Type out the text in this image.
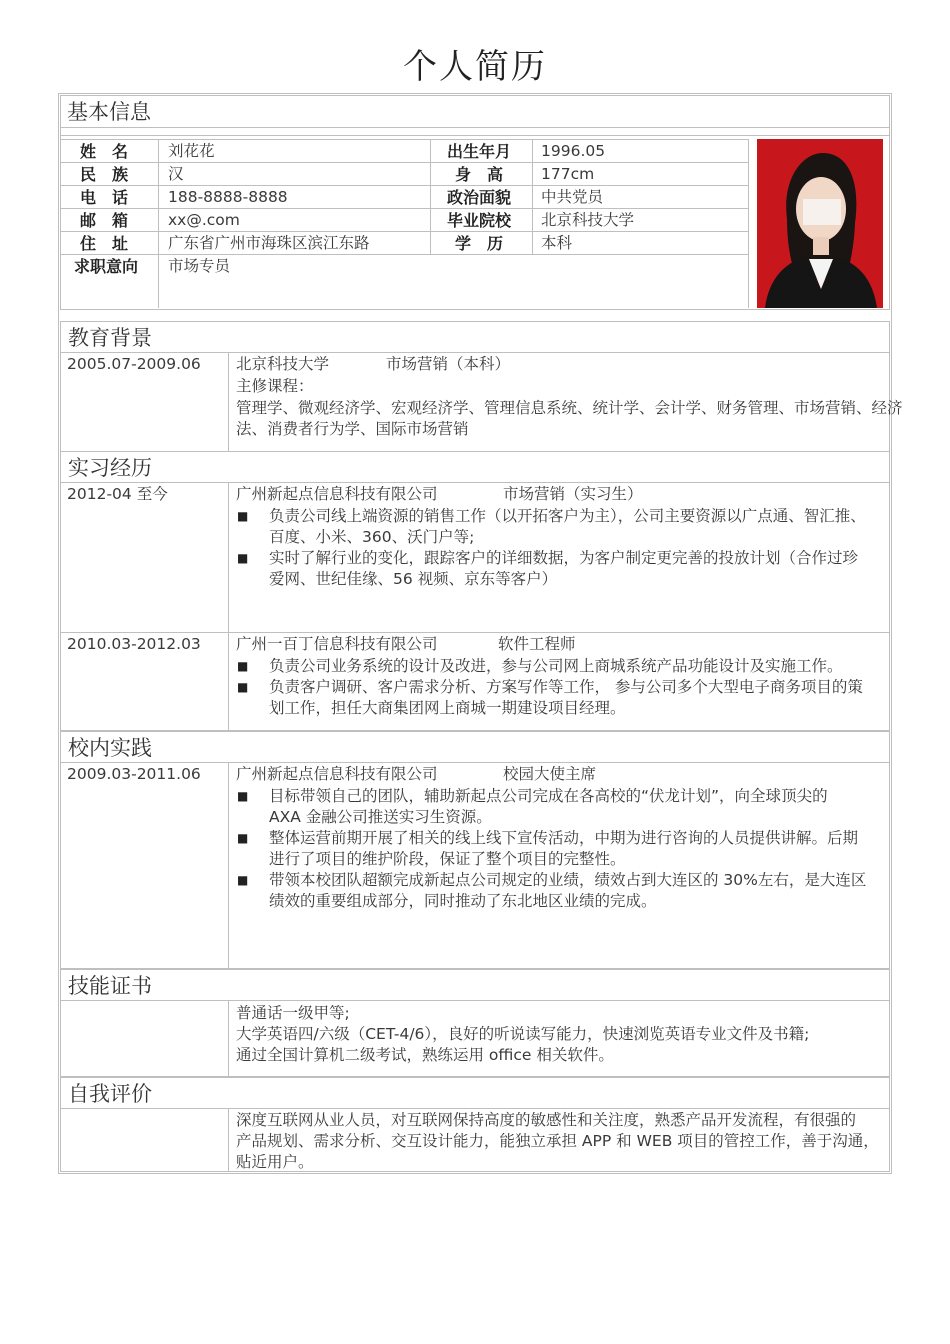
个人简历
基本信息
姓　名	刘花花	出生年月 1996.05
民　族	汉	身　高 177cm
电　话	188-8888-8888	政治面貌 中共党员
邮　箱	xx@.com	毕业院校 北京科技大学
住　址	广东省广州市海珠区滨江东路	学　历 本科
求职意向 市场专员
教育背景
2005.07-2009.06 北京科技大学	市场营销（本科）
主修课程：
管理学、微观经济学、宏观经济学、管理信息系统、统计学、会计学、财务管理、市场营销、经济
法、消费者行为学、国际市场营销
实习经历
2012-04 至今	广州新起点信息科技有限公司	市场营销（实习生）
■ 负责公司线上端资源的销售工作（以开拓客户为主），公司主要资源以广点通、智汇推、
百度、小米、360、沃门户等;
■ 实时了解行业的变化，跟踪客户的详细数据，为客户制定更完善的投放计划（合作过珍
爱网、世纪佳缘、56 视频、京东等客户）
2010.03-2012.03 广州一百丁信息科技有限公司	软件工程师
■ 负责公司业务系统的设计及改进，参与公司网上商城系统产品功能设计及实施工作。
■ 负责客户调研、客户需求分析、方案写作等工作， 参与公司多个大型电子商务项目的策
划工作，担任大商集团网上商城一期建设项目经理。
校内实践
2009.03-2011.06 广州新起点信息科技有限公司	校园大使主席
■ 目标带领自己的团队，辅助新起点公司完成在各高校的“伏龙计划”，向全球顶尖的
AXA 金融公司推送实习生资源。
■ 整体运营前期开展了相关的线上线下宣传活动，中期为进行咨询的人员提供讲解。后期
进行了项目的维护阶段，保证了整个项目的完整性。
■ 带领本校团队超额完成新起点公司规定的业绩，绩效占到大连区的 30%左右，是大连区
绩效的重要组成部分，同时推动了东北地区业绩的完成。
技能证书
普通话一级甲等;
大学英语四/六级（CET-4/6），良好的听说读写能力，快速浏览英语专业文件及书籍;
通过全国计算机二级考试，熟练运用 office 相关软件。
自我评价
深度互联网从业人员，对互联网保持高度的敏感性和关注度，熟悉产品开发流程，有很强的
产品规划、需求分析、交互设计能力，能独立承担 APP 和 WEB 项目的管控工作，善于沟通，
贴近用户。
